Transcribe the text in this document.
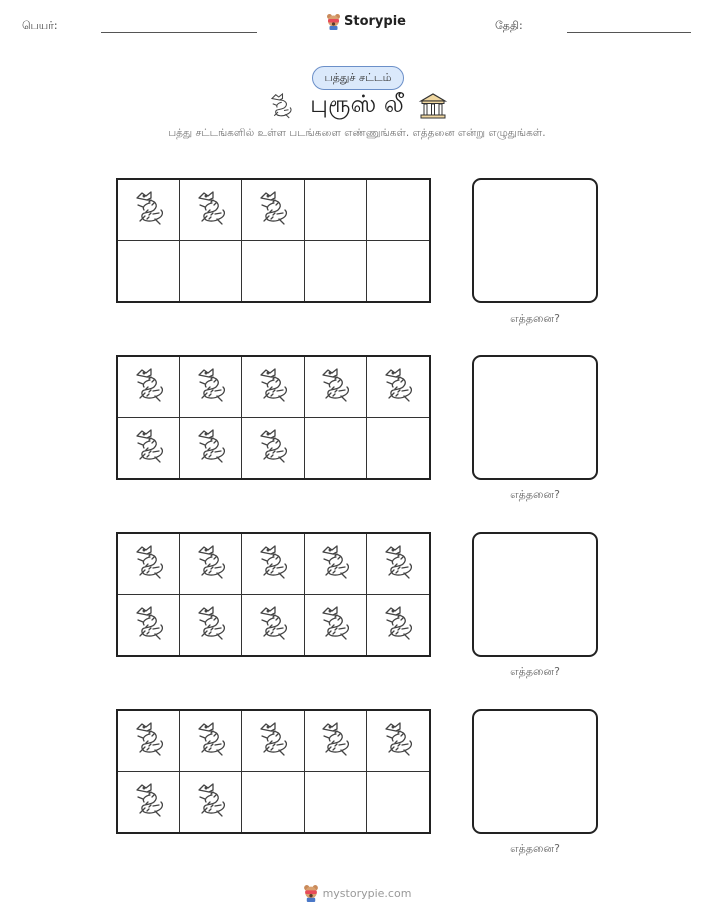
பெயர்:	Storypie	தேதி:
பத்துச் சட்டம்
புரூஸ் லீ
பத்து சட்டங்களில் உள்ள படங்களை எண்ணுங்கள். எத்தனை என்று எழுதுங்கள்.
எத்தனை?
எத்தனை?
எத்தனை?
எத்தனை?
mystorypie.com
